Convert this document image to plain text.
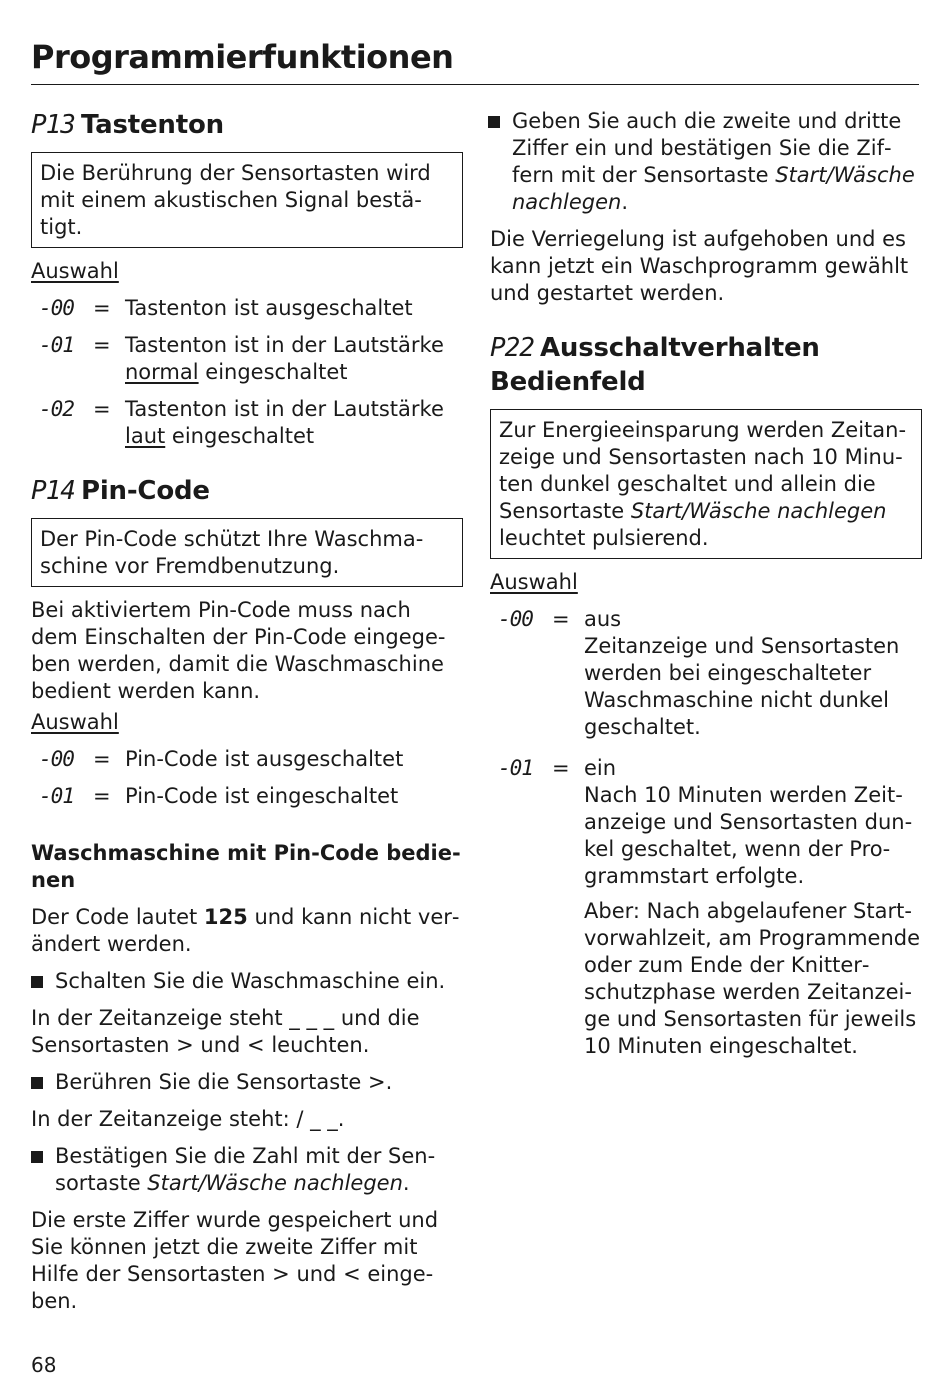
Programmierfunktionen
P13 Tastenton
Die Berührung der Sensortasten wird mit einem akustischen Signal bestätigt.
Auswahl
-00 = Tastenton ist ausgeschaltet
-01 = Tastenton ist in der Lautstärke
normal eingeschaltet
-02 = Tastenton ist in der Lautstärke
laut eingeschaltet
P14 Pin-Code
Der Pin-Code schützt Ihre Waschmaschine vor Fremdbenutzung.
Bei aktiviertem Pin-Code muss nach dem Einschalten der Pin-Code eingegeben werden, damit die Waschmaschine bedient werden kann.
Auswahl
-00 = Pin-Code ist ausgeschaltet
-01 = Pin-Code ist eingeschaltet
Waschmaschine mit Pin-Code bedienen
Der Code lautet 125 und kann nicht verändert werden.
Schalten Sie die Waschmaschine ein.
In der Zeitanzeige steht _ _ _ und die Sensortasten > und < leuchten.
Berühren Sie die Sensortaste >.
In der Zeitanzeige steht: / _ _.
Bestätigen Sie die Zahl mit der Sensortaste Start/Wäsche nachlegen.
Die erste Ziffer wurde gespeichert und Sie können jetzt die zweite Ziffer mit Hilfe der Sensortasten > und < eingeben.
Geben Sie auch die zweite und dritte Ziffer ein und bestätigen Sie die Ziffern mit der Sensortaste Start/Wäsche nachlegen.
Die Verriegelung ist aufgehoben und es kann jetzt ein Waschprogramm gewählt und gestartet werden.
P22 Ausschaltverhalten Bedienfeld
Zur Energieeinsparung werden Zeitanzeige und Sensortasten nach 10 Minuten dunkel geschaltet und allein die Sensortaste Start/Wäsche nachlegen leuchtet pulsierend.
Auswahl
-00 = aus

Zeitanzeige und Sensortasten werden bei eingeschalteter Waschmaschine nicht dunkel geschaltet.

-01 = ein

Nach 10 Minuten werden Zeitanzeige und Sensortasten dunkel geschaltet, wenn der Programmstart erfolgte.

Aber: Nach abgelaufener Startvorwahlzeit, am Programmende oder zum Ende der Knitterschutzphase werden Zeitanzeige und Sensortasten für jeweils 10 Minuten eingeschaltet.

68
